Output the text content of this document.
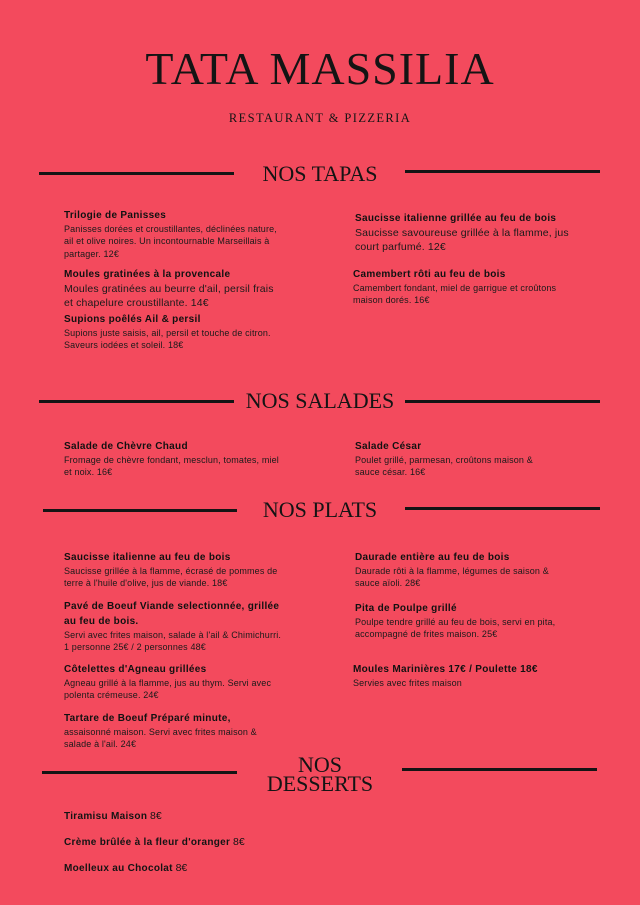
TATA MASSILIA
RESTAURANT & PIZZERIA
NOS TAPAS
Trilogie de Panisses
Panisses dorées et croustillantes, déclinées nature, ail et olive noires. Un incontournable Marseillais à partager. 12€
Saucisse italienne grillée au feu de bois
Saucisse savoureuse grillée à la flamme, jus court parfumé. 12€
Moules gratinées à la provencale
Moules gratinées au beurre d'ail, persil frais et chapelure croustillante. 14€
Camembert rôti au feu de bois
Camembert fondant, miel de garrigue et croûtons maison dorés. 16€
Supions poêlés Ail & persil
Supions juste saisis, ail, persil et touche de citron. Saveurs iodées et soleil. 18€
NOS SALADES
Salade de Chèvre Chaud
Fromage de chèvre fondant, mesclun, tomates, miel et noix. 16€
Salade César
Poulet grillé, parmesan, croûtons maison & sauce césar. 16€
NOS PLATS
Saucisse italienne au feu de bois
Saucisse grillée à la flamme, écrasé de pommes de terre à l'huile d'olive, jus de viande. 18€
Daurade entière au feu de bois
Daurade rôti à la flamme, légumes de saison & sauce aïoli. 28€
Pavé de Boeuf Viande selectionnée, grillée au feu de bois.
Servi avec frites maison, salade à l'ail & Chimichurri. 1 personne 25€ / 2 personnes 48€
Pita de Poulpe grillé
Poulpe tendre grillé au feu de bois, servi en pita, accompagné de frites maison. 25€
Côtelettes d'Agneau grillées
Agneau grillé à la flamme, jus au thym. Servi avec polenta crémeuse. 24€
Moules Marinières 17€ / Poulette 18€
Servies avec frites maison
Tartare de Boeuf Préparé minute,
assaisonné maison. Servi avec frites maison & salade à l'ail. 24€
NOS
DESSERTS
Tiramisu Maison 8€
Crème brûlée à la fleur d'oranger 8€
Moelleux au Chocolat 8€
